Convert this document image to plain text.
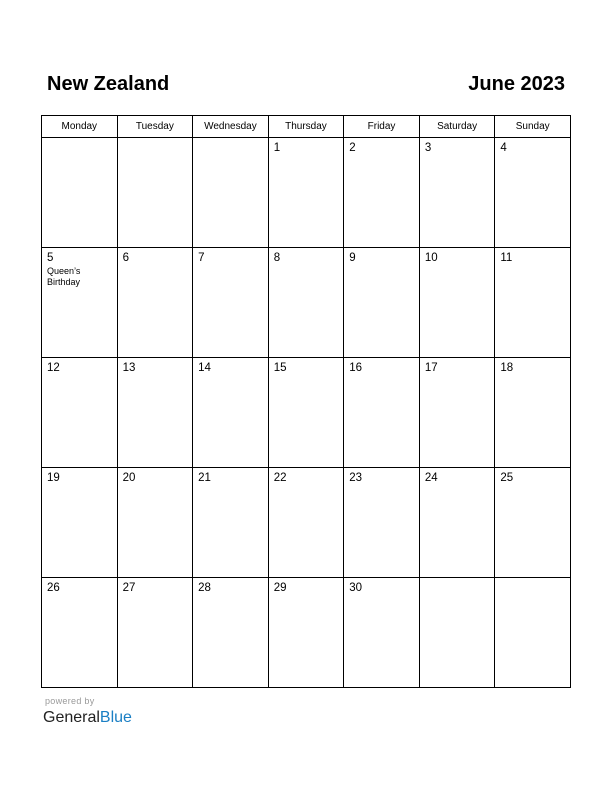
New Zealand	June 2023
Monday	Tuesday	Wednesday	Thursday	Friday	Saturday	Sunday

			1	2	3	4

5
Queen’s Birthday	6	7	8	9	10	11

12	13	14	15	16	17	18

19	20	21	22	23	24	25

26	27	28	29	30		

powered by
GeneralBlue
